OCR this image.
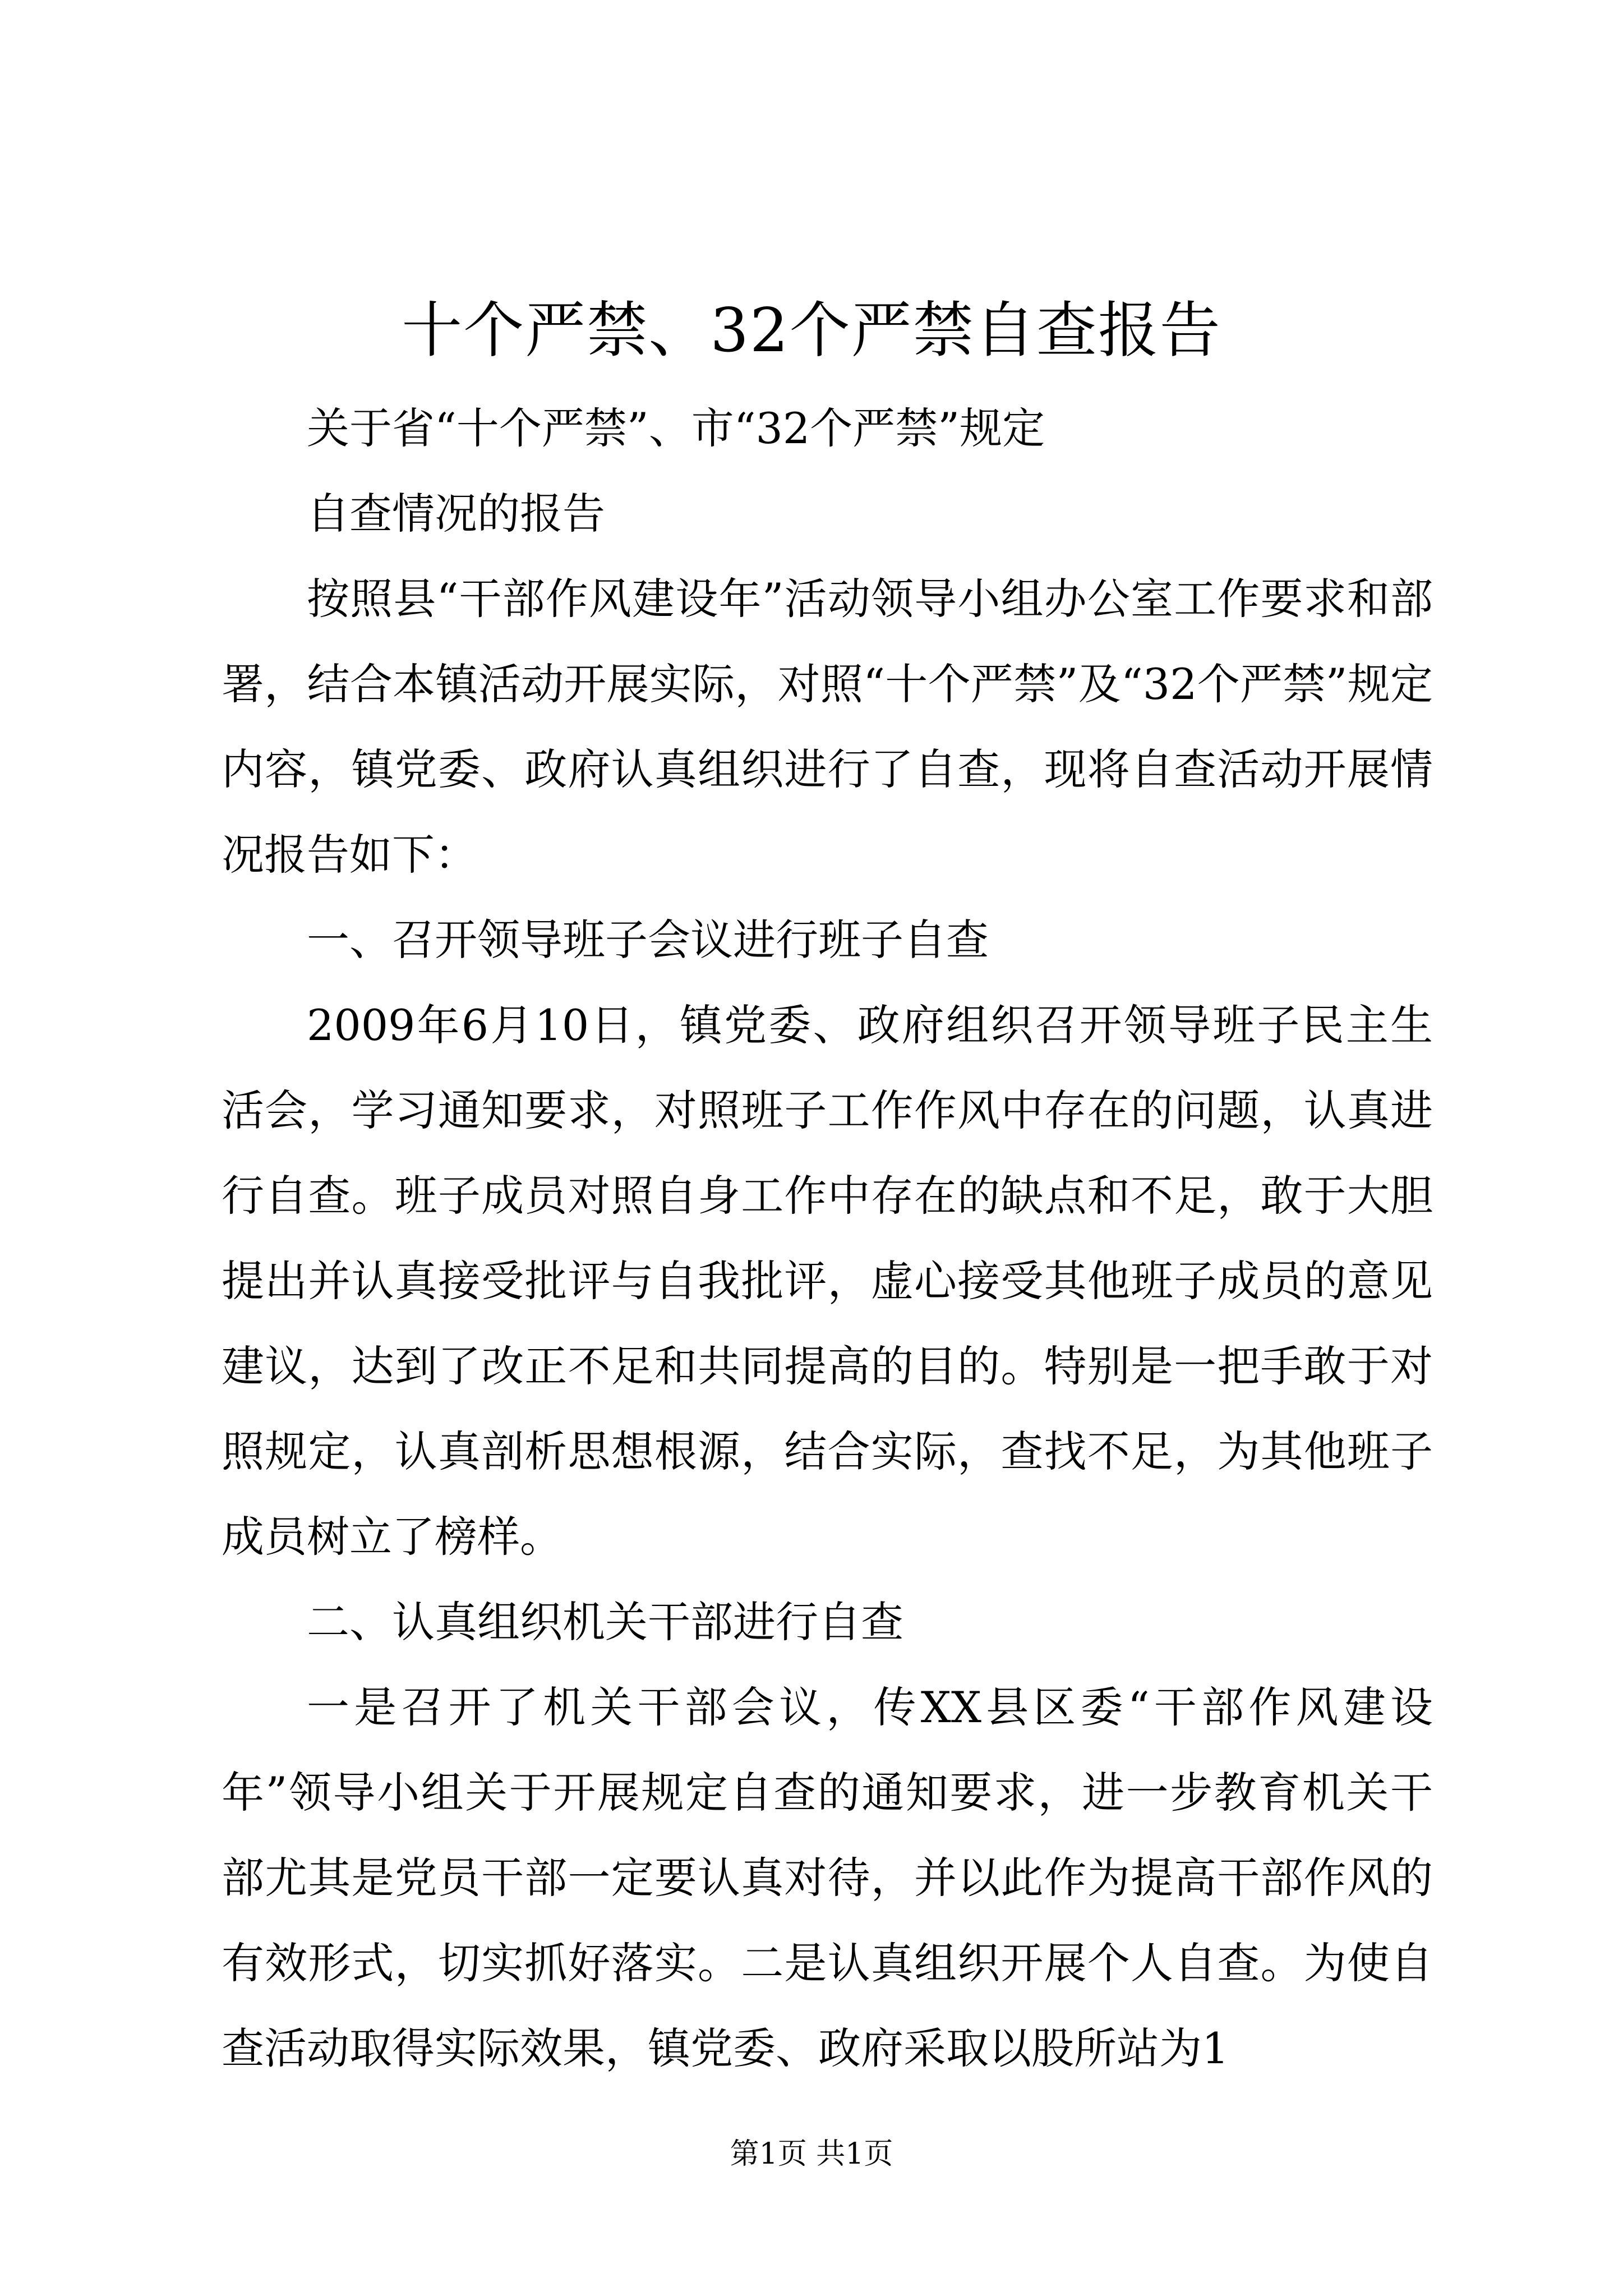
十个严禁、32个严禁自查报告

关于省“十个严禁”、市“32个严禁”规定

自查情况的报告

按照县“干部作风建设年”活动领导小组办公室工作要求和部署，结合本镇活动开展实际，对照“十个严禁”及“32个严禁”规定内容，镇党委、政府认真组织进行了自查，现将自查活动开展情况报告如下：

一、召开领导班子会议进行班子自查

2009年6月10日，镇党委、政府组织召开领导班子民主生活会，学习通知要求，对照班子工作作风中存在的问题，认真进行自查。班子成员对照自身工作中存在的缺点和不足，敢于大胆提出并认真接受批评与自我批评，虚心接受其他班子成员的意见建议，达到了改正不足和共同提高的目的。特别是一把手敢于对照规定，认真剖析思想根源，结合实际，查找不足，为其他班子成员树立了榜样。

二、认真组织机关干部进行自查

一是召开了机关干部会议，传XX县区委“干部作风建设年”领导小组关于开展规定自查的通知要求，进一步教育机关干部尤其是党员干部一定要认真对待，并以此作为提高干部作风的有效形式，切实抓好落实。二是认真组织开展个人自查。为使自查活动取得实际效果，镇党委、政府采取以股所站为1

第1页 共1页
